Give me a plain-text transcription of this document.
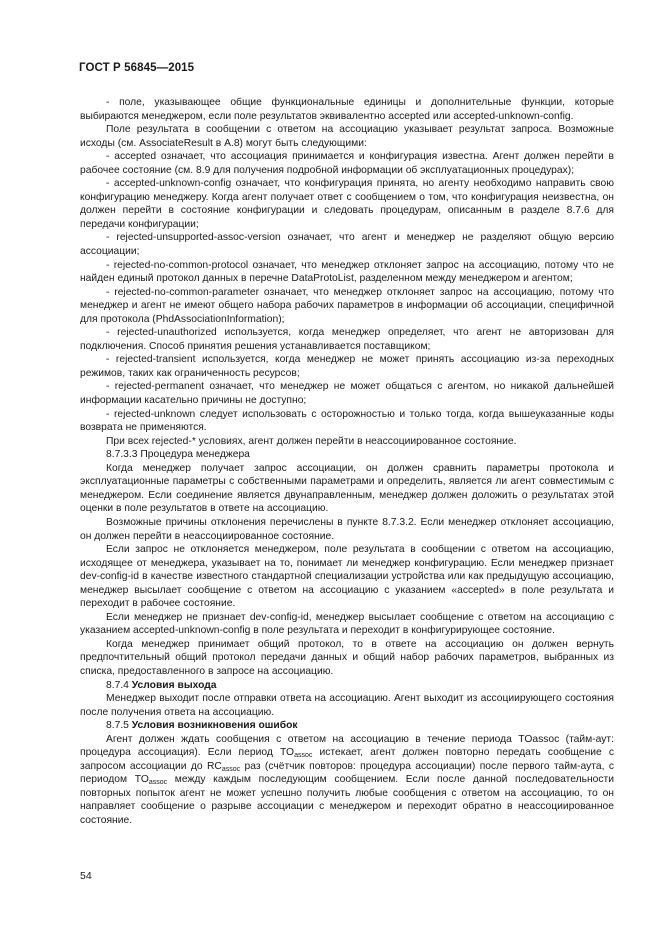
ГОСТ Р 56845—2015

- поле, указывающее общие функциональные единицы и дополнительные функции, которые выбираются менеджером, если поле результатов эквивалентно accepted или accepted-unknown-config.

Поле результата в сообщении с ответом на ассоциацию указывает результат запроса. Возможные исходы (см. AssociateResult в A.8) могут быть следующими:

- accepted означает, что ассоциация принимается и конфигурация известна. Агент должен перейти в рабочее состояние (см. 8.9 для получения подробной информации об эксплуатационных процедурах);

- accepted-unknown-config означает, что конфигурация принята, но агенту необходимо направить свою конфигурацию менеджеру. Когда агент получает ответ с сообщением о том, что конфигурация неизвестна, он должен перейти в состояние конфигурации и следовать процедурам, описанным в разделе 8.7.6 для передачи конфигурации;

- rejected-unsupported-assoc-version означает, что агент и менеджер не разделяют общую версию ассоциации;

- rejected-no-common-protocol означает, что менеджер отклоняет запрос на ассоциацию, потому что не найден единый протокол данных в перечне DataProtoList, разделенном между менеджером и агентом;

- rejected-no-common-parameter означает, что менеджер отклоняет запрос на ассоциацию, потому что менеджер и агент не имеют общего набора рабочих параметров в информации об ассоциации, специфичной для протокола (PhdAssociationInformation);

- rejected-unauthorized используется, когда менеджер определяет, что агент не авторизован для подключения. Способ принятия решения устанавливается поставщиком;

- rejected-transient используется, когда менеджер не может принять ассоциацию из-за переходных режимов, таких как ограниченность ресурсов;

- rejected-permanent означает, что менеджер не может общаться с агентом, но никакой дальнейшей информации касательно причины не доступно;

- rejected-unknown следует использовать с осторожностью и только тогда, когда вышеуказанные коды возврата не применяются.

При всех rejected-* условиях, агент должен перейти в неассоциированное состояние.

8.7.3.3 Процедура менеджера

Когда менеджер получает запрос ассоциации, он должен сравнить параметры протокола и эксплуатационные параметры с собственными параметрами и определить, является ли агент совместимым с менеджером. Если соединение является двунаправленным, менеджер должен доложить о результатах этой оценки в поле результатов в ответе на ассоциацию.

Возможные причины отклонения перечислены в пункте 8.7.3.2. Если менеджер отклоняет ассоциацию, он должен перейти в неассоциированное состояние.

Если запрос не отклоняется менеджером, поле результата в сообщении с ответом на ассоциацию, исходящее от менеджера, указывает на то, понимает ли менеджер конфигурацию. Если менеджер признает dev-config-id в качестве известного стандартной специализации устройства или как предыдущую ассоциацию, менеджер высылает сообщение с ответом на ассоциацию с указанием «accepted» в поле результата и переходит в рабочее состояние.

Если менеджер не признает dev-config-id, менеджер высылает сообщение с ответом на ассоциацию с указанием accepted-unknown-config в поле результата и переходит в конфигурирующее состояние.

Когда менеджер принимает общий протокол, то в ответе на ассоциацию он должен вернуть предпочтительный общий протокол передачи данных и общий набор рабочих параметров, выбранных из списка, предоставленного в запросе на ассоциацию.

8.7.4 Условия выхода

Менеджер выходит после отправки ответа на ассоциацию. Агент выходит из ассоциирующего состояния после получения ответа на ассоциацию.

8.7.5 Условия возникновения ошибок

Агент должен ждать сообщения с ответом на ассоциацию в течение периода TOassoc (тайм-аут: процедура ассоциация). Если период $TO_{assoc}$ истекает, агент должен повторно передать сообщение с запросом ассоциации до $RC_{assoc}$ раз (счётчик повторов: процедура ассоциации) после первого тайм-аута, с периодом $TO_{assoc}$ между каждым последующим сообщением. Если после данной последовательности повторных попыток агент не может успешно получить любые сообщения с ответом на ассоциацию, то он направляет сообщение о разрыве ассоциации с менеджером и переходит обратно в неассоциированное состояние.

54
